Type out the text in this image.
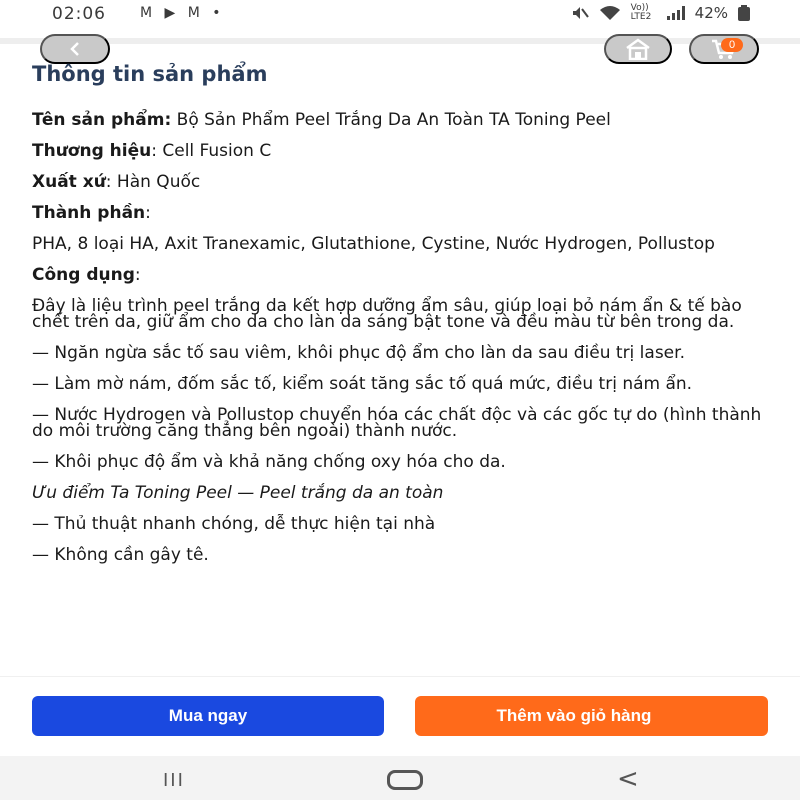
02:06 M ▶ M •	Vo)) LTE2	42%
0
Thông tin sản phẩm

Tên sản phẩm: Bộ Sản Phẩm Peel Trắng Da An Toàn TA Toning Peel

Thương hiệu: Cell Fusion C

Xuất xứ: Hàn Quốc

Thành phần:

PHA, 8 loại HA, Axit Tranexamic, Glutathione, Cystine, Nước Hydrogen, Pollustop

Công dụng:

Đây là liệu trình peel trắng da kết hợp dưỡng ẩm sâu, giúp loại bỏ nám ẩn & tế bào chết trên da, giữ ẩm cho da cho làn da sáng bật tone và đều màu từ bên trong da.

— Ngăn ngừa sắc tố sau viêm, khôi phục độ ẩm cho làn da sau điều trị laser.

— Làm mờ nám, đốm sắc tố, kiểm soát tăng sắc tố quá mức, điều trị nám ẩn.

— Nước Hydrogen và Pollustop chuyển hóa các chất độc và các gốc tự do (hình thành do môi trường căng thẳng bên ngoài) thành nước.

— Khôi phục độ ẩm và khả năng chống oxy hóa cho da.

Ưu điểm Ta Toning Peel — Peel trắng da an toàn

— Thủ thuật nhanh chóng, dễ thực hiện tại nhà

— Không cần gây tê.

Mua ngay	Thêm vào giỏ hàng
III	<
